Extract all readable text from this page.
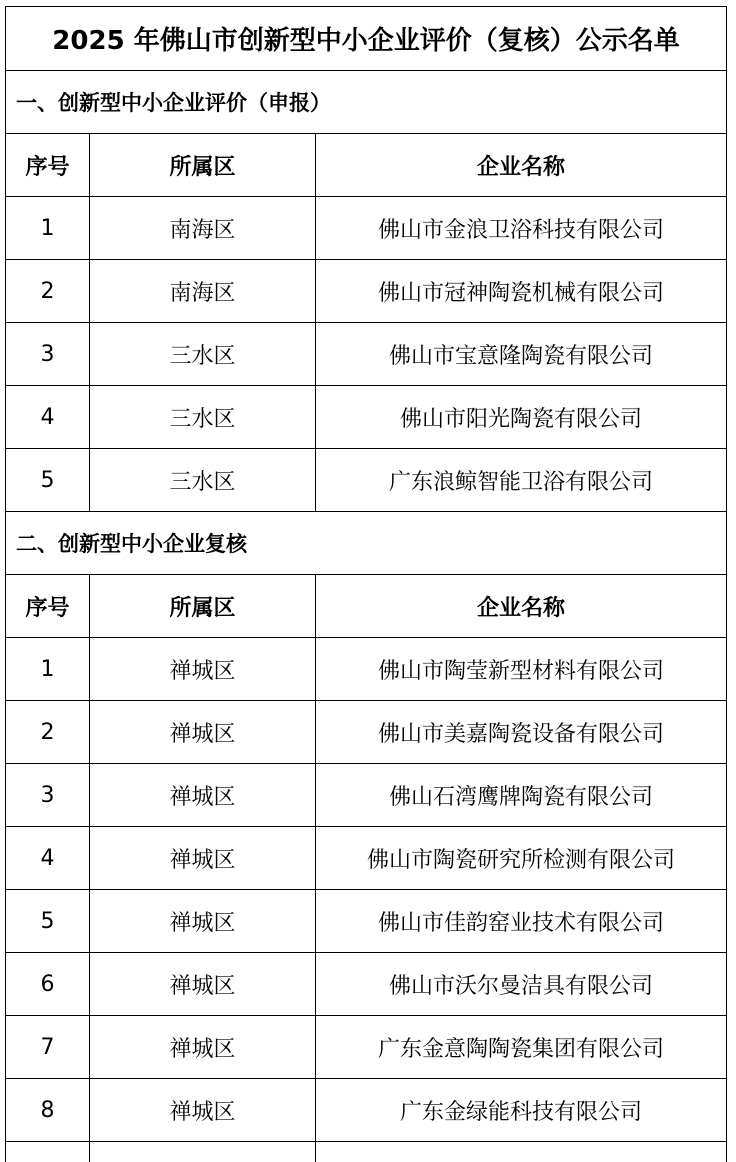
2025 年佛山市创新型中小企业评价（复核）公示名单		
一、创新型中小企业评价（申报）		
序号	所属区	企业名称
1	南海区	佛山市金浪卫浴科技有限公司
2	南海区	佛山市冠神陶瓷机械有限公司
3	三水区	佛山市宝意隆陶瓷有限公司
4	三水区	佛山市阳光陶瓷有限公司
5	三水区	广东浪鲸智能卫浴有限公司
二、创新型中小企业复核		
序号	所属区	企业名称
1	禅城区	佛山市陶莹新型材料有限公司
2	禅城区	佛山市美嘉陶瓷设备有限公司
3	禅城区	佛山石湾鹰牌陶瓷有限公司
4	禅城区	佛山市陶瓷研究所检测有限公司
5	禅城区	佛山市佳韵窑业技术有限公司
6	禅城区	佛山市沃尔曼洁具有限公司
7	禅城区	广东金意陶陶瓷集团有限公司
8	禅城区	广东金绿能科技有限公司
